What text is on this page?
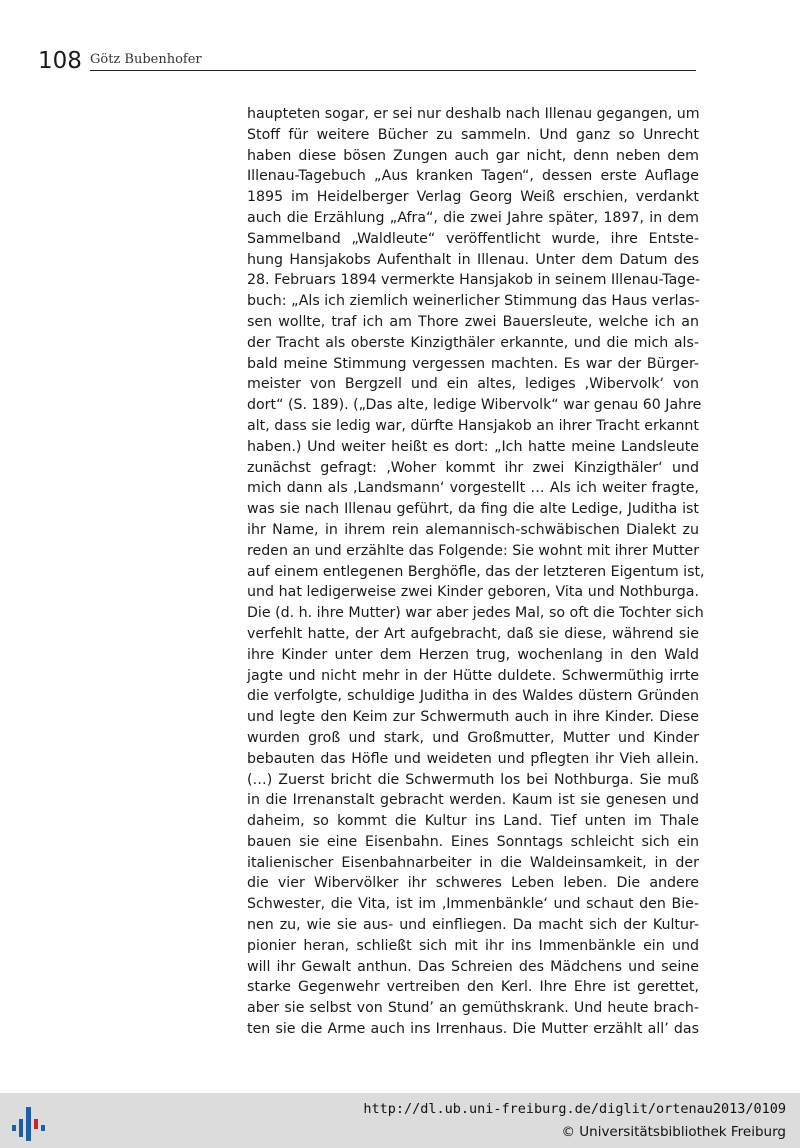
108 Götz Bubenhofer
haupteten sogar, er sei nur deshalb nach Illenau gegangen, um
Stoff für weitere Bücher zu sammeln. Und ganz so Unrecht
haben diese bösen Zungen auch gar nicht, denn neben dem
Illenau-Tagebuch „Aus kranken Tagen“, dessen erste Auflage
1895 im Heidelberger Verlag Georg Weiß erschien, verdankt
auch die Erzählung „Afra“, die zwei Jahre später, 1897, in dem
Sammelband „Waldleute“ veröffentlicht wurde, ihre Entste-
hung Hansjakobs Aufenthalt in Illenau. Unter dem Datum des
28. Februars 1894 vermerkte Hansjakob in seinem Illenau-Tage-
buch: „Als ich ziemlich weinerlicher Stimmung das Haus verlas-
sen wollte, traf ich am Thore zwei Bauersleute, welche ich an
der Tracht als oberste Kinzigthäler erkannte, und die mich als-
bald meine Stimmung vergessen machten. Es war der Bürger-
meister von Bergzell und ein altes, lediges ‚Wibervolk‘ von
dort“ (S. 189). („Das alte, ledige Wibervolk“ war genau 60 Jahre
alt, dass sie ledig war, dürfte Hansjakob an ihrer Tracht erkannt
haben.) Und weiter heißt es dort: „Ich hatte meine Landsleute
zunächst gefragt: ‚Woher kommt ihr zwei Kinzigthäler‘ und
mich dann als ‚Landsmann‘ vorgestellt … Als ich weiter fragte,
was sie nach Illenau geführt, da fing die alte Ledige, Juditha ist
ihr Name, in ihrem rein alemannisch-schwäbischen Dialekt zu
reden an und erzählte das Folgende: Sie wohnt mit ihrer Mutter
auf einem entlegenen Berghöfle, das der letzteren Eigentum ist,
und hat ledigerweise zwei Kinder geboren, Vita und Nothburga.
Die (d. h. ihre Mutter) war aber jedes Mal, so oft die Tochter sich
verfehlt hatte, der Art aufgebracht, daß sie diese, während sie
ihre Kinder unter dem Herzen trug, wochenlang in den Wald
jagte und nicht mehr in der Hütte duldete. Schwermüthig irrte
die verfolgte, schuldige Juditha in des Waldes düstern Gründen
und legte den Keim zur Schwermuth auch in ihre Kinder. Diese
wurden groß und stark, und Großmutter, Mutter und Kinder
bebauten das Höfle und weideten und pflegten ihr Vieh allein.
(…) Zuerst bricht die Schwermuth los bei Nothburga. Sie muß
in die Irrenanstalt gebracht werden. Kaum ist sie genesen und
daheim, so kommt die Kultur ins Land. Tief unten im Thale
bauen sie eine Eisenbahn. Eines Sonntags schleicht sich ein
italienischer Eisenbahnarbeiter in die Waldeinsamkeit, in der
die vier Wibervölker ihr schweres Leben leben. Die andere
Schwester, die Vita, ist im ‚Immenbänkle‘ und schaut den Bie-
nen zu, wie sie aus- und einfliegen. Da macht sich der Kultur-
pionier heran, schließt sich mit ihr ins Immenbänkle ein und
will ihr Gewalt anthun. Das Schreien des Mädchens und seine
starke Gegenwehr vertreiben den Kerl. Ihre Ehre ist gerettet,
aber sie selbst von Stund’ an gemüthskrank. Und heute brach-
ten sie die Arme auch ins Irrenhaus. Die Mutter erzählt all’ das
http://dl.ub.uni-freiburg.de/diglit/ortenau2013/0109
© Universitätsbibliothek Freiburg
